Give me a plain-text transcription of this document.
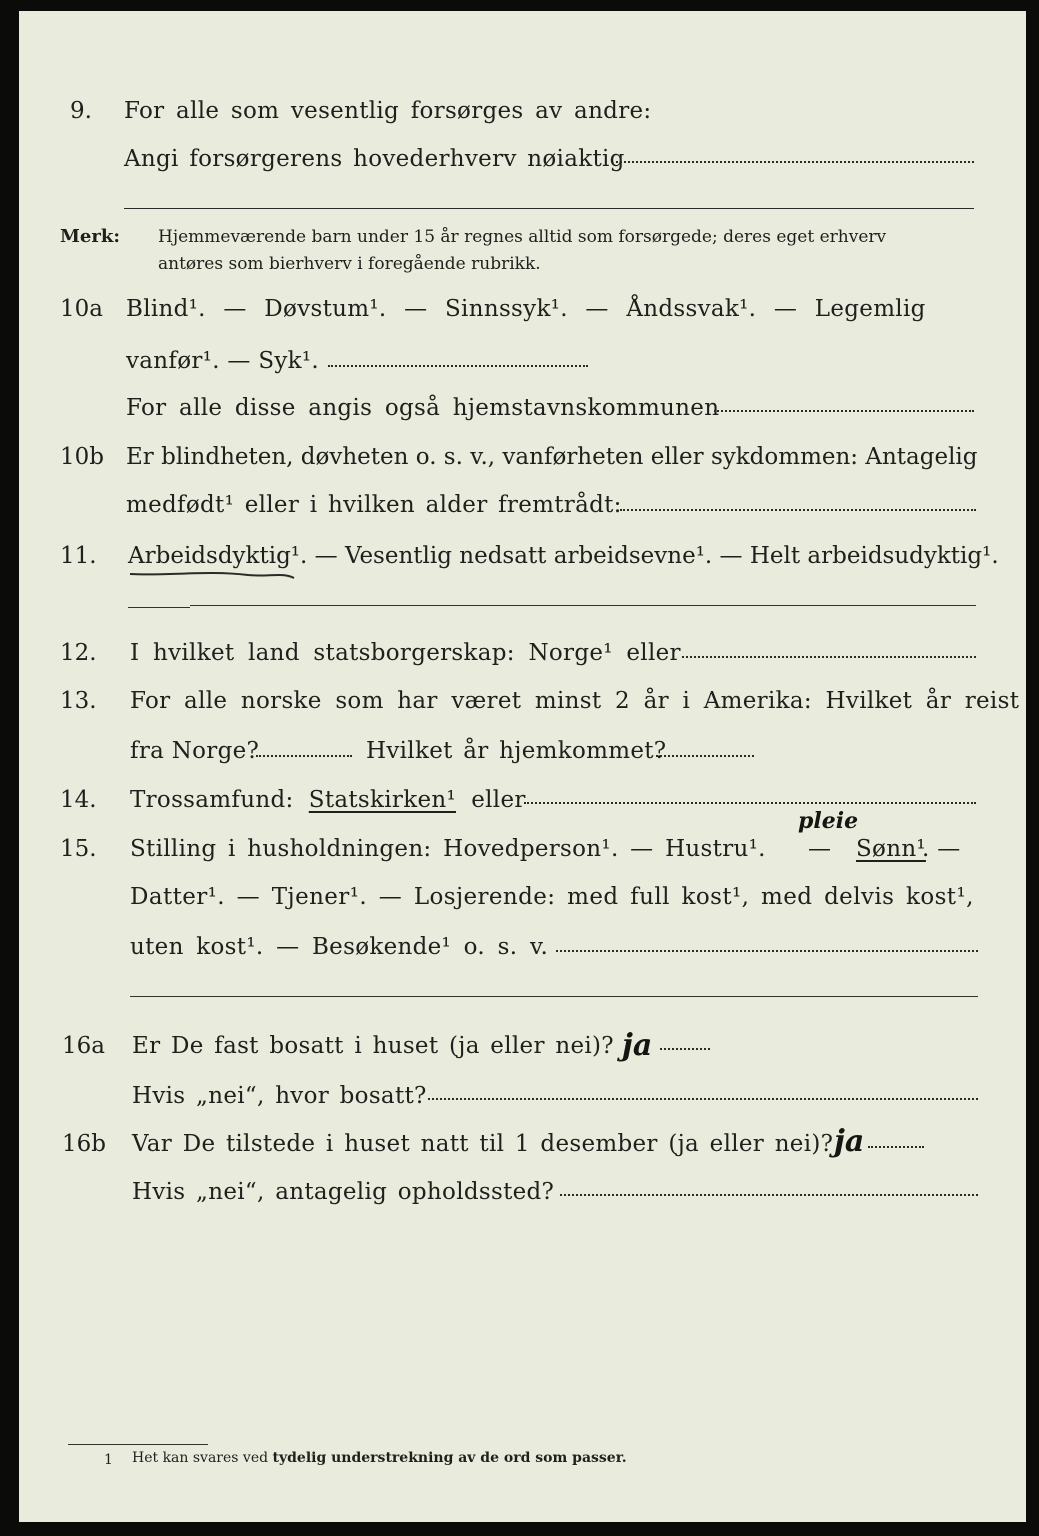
9. For alle som vesentlig forsørges av andre:
Angi forsørgerens hovederhverv nøiaktig
Merk: Hjemmeværende barn under 15 år regnes alltid som forsørgede; deres eget erhverv
antøres som bierhverv i foregående rubrikk.
10a Blind¹. — Døvstum¹. — Sinnssyk¹. — Åndssvak¹. — Legemlig
vanfør¹. — Syk¹.
For alle disse angis også hjemstavnskommunen
10b Er blindheten, døvheten o. s. v., vanførheten eller sykdommen: Antagelig
medfødt¹ eller i hvilken alder fremtrådt:
11. Arbeidsdyktig¹. — Vesentlig nedsatt arbeidsevne¹. — Helt arbeidsudyktig¹.
12. I hvilket land statsborgerskap: Norge¹ eller
13. For alle norske som har været minst 2 år i Amerika: Hvilket år reist
fra Norge?	Hvilket år hjemkommet?
14. Trossamfund: Statskirken¹ eller
15. Stilling i husholdningen: Hovedperson¹. — Hustru¹.
pleie
— Sønn¹
. —
Datter¹. — Tjener¹. — Losjerende: med full kost¹, med delvis kost¹,
uten kost¹. — Besøkende¹ o. s. v.
16a Er De fast bosatt i huset (ja eller nei)? ja
Hvis „nei“, hvor bosatt?
16b Var De tilstede i huset natt til 1 desember (ja eller nei)? ja
Hvis „nei“, antagelig opholdssted?
1 Het kan svares ved tydelig understrekning av de ord som passer.
